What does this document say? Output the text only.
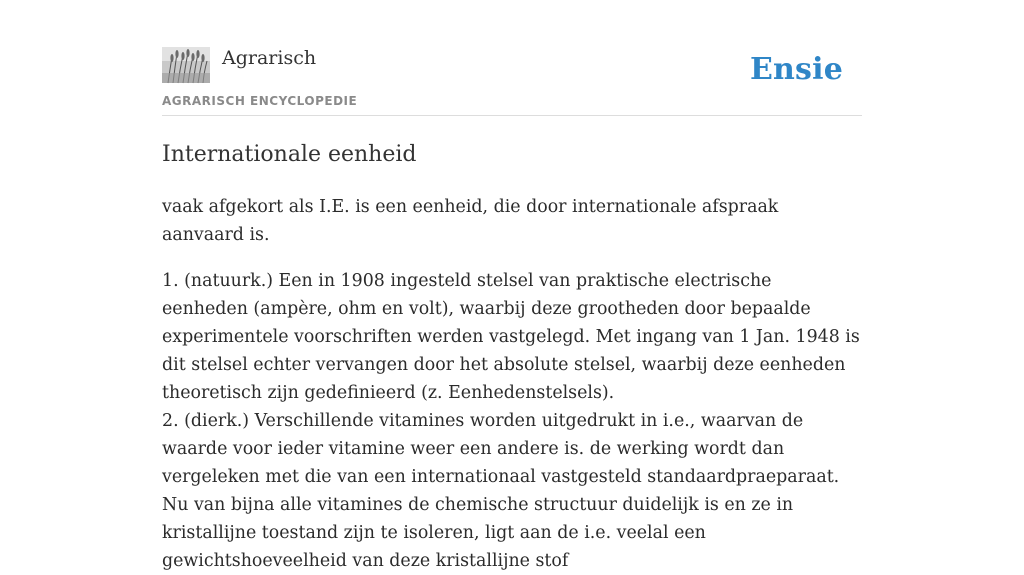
Agrarisch	Ensie
AGRARISCH ENCYCLOPEDIE
Internationale eenheid

vaak afgekort als I.E. is een eenheid, die door internationale afspraak aanvaard is.

1. (natuurk.) Een in 1908 ingesteld stelsel van praktische electrische eenheden (ampère, ohm en volt), waarbij deze grootheden door bepaalde experimentele voorschriften werden vastgelegd. Met ingang van 1 Jan. 1948 is dit stelsel echter vervangen door het absolute stelsel, waarbij deze eenheden theoretisch zijn gedefinieerd (z. Eenhedenstelsels).
2. (dierk.) Verschillende vitamines worden uitgedrukt in i.e., waarvan de waarde voor ieder vitamine weer een andere is. de werking wordt dan vergeleken met die van een internationaal vastgesteld standaardpraeparaat. Nu van bijna alle vitamines de chemische structuur duidelijk is en ze in kristallijne toestand zijn te isoleren, ligt aan de i.e. veelal een gewichtshoeveelheid van deze kristallijne stof
